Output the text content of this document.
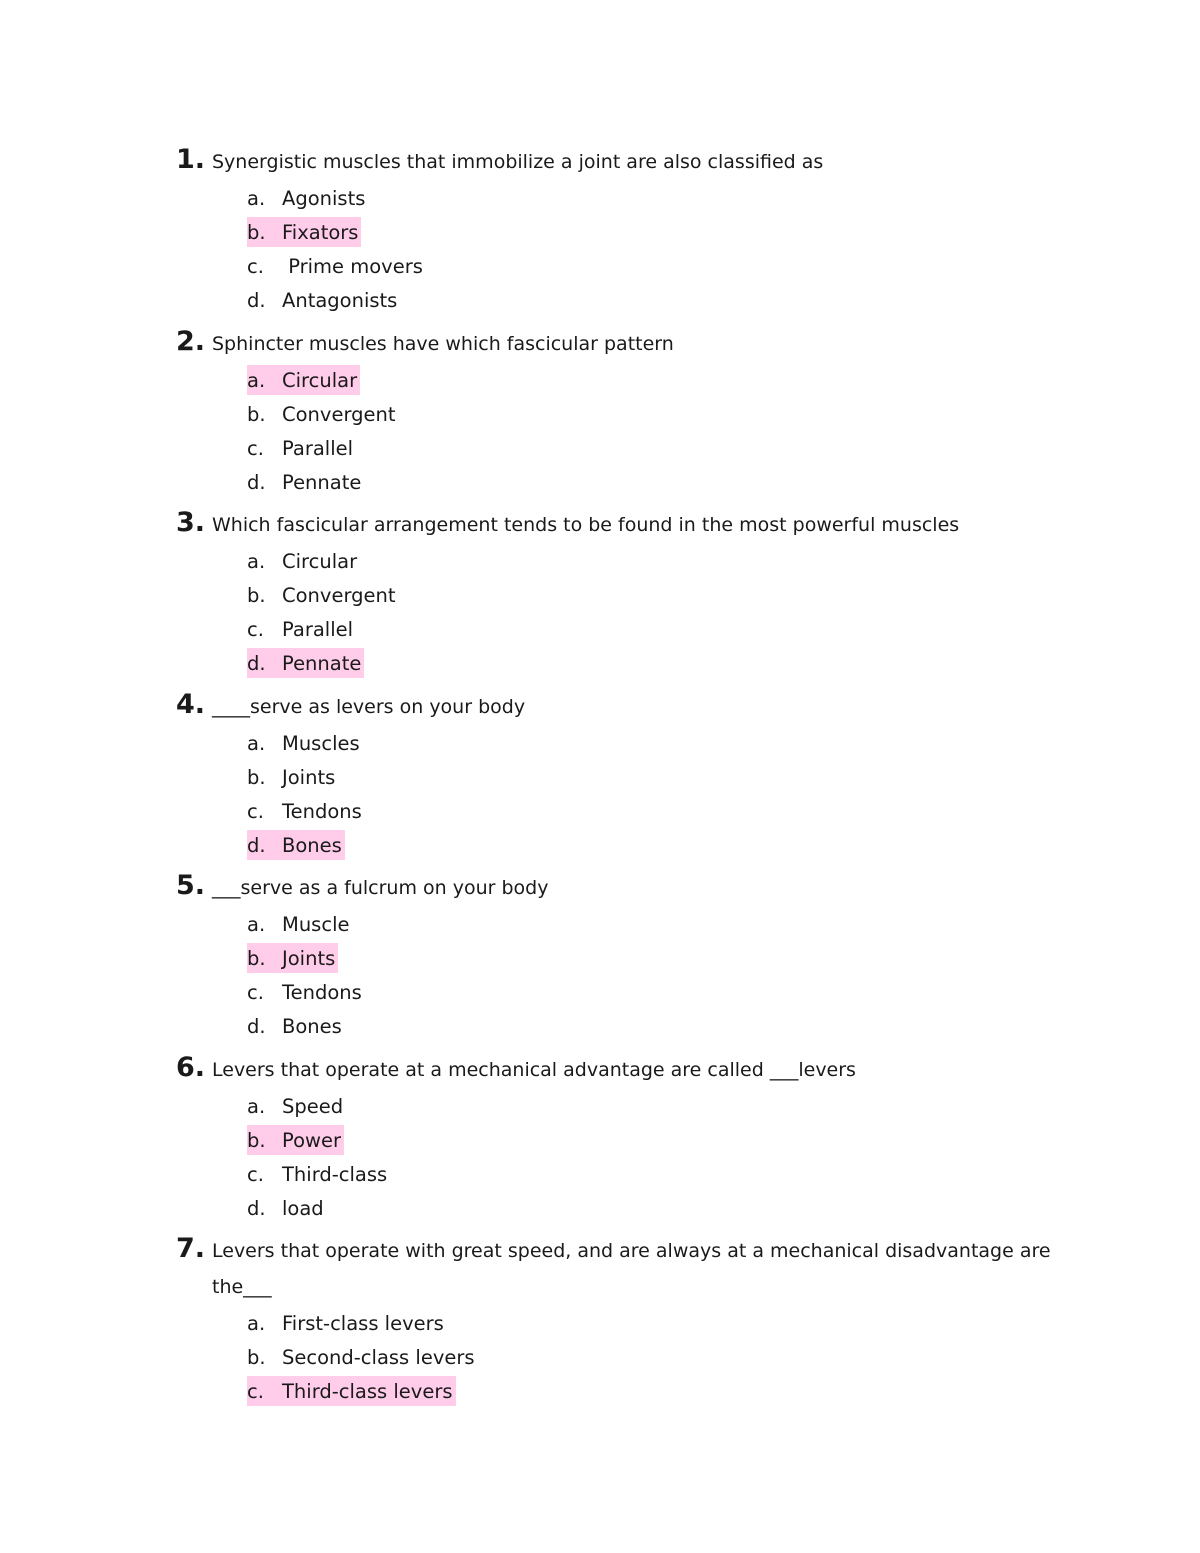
1. Synergistic muscles that immobilize a joint are also classified as
a. Agonists
b. Fixators
c. Prime movers
d. Antagonists
2. Sphincter muscles have which fascicular pattern
a. Circular
b. Convergent
c. Parallel
d. Pennate
3. Which fascicular arrangement tends to be found in the most powerful muscles
a. Circular
b. Convergent
c. Parallel
d. Pennate
4. ____serve as levers on your body
a. Muscles
b. Joints
c. Tendons
d. Bones
5. ___serve as a fulcrum on your body
a. Muscle
b. Joints
c. Tendons
d. Bones
6. Levers that operate at a mechanical advantage are called ___levers
a. Speed
b. Power
c. Third-class
d. load
7. Levers that operate with great speed, and are always at a mechanical disadvantage are
the___
a. First-class levers
b. Second-class levers
c. Third-class levers
